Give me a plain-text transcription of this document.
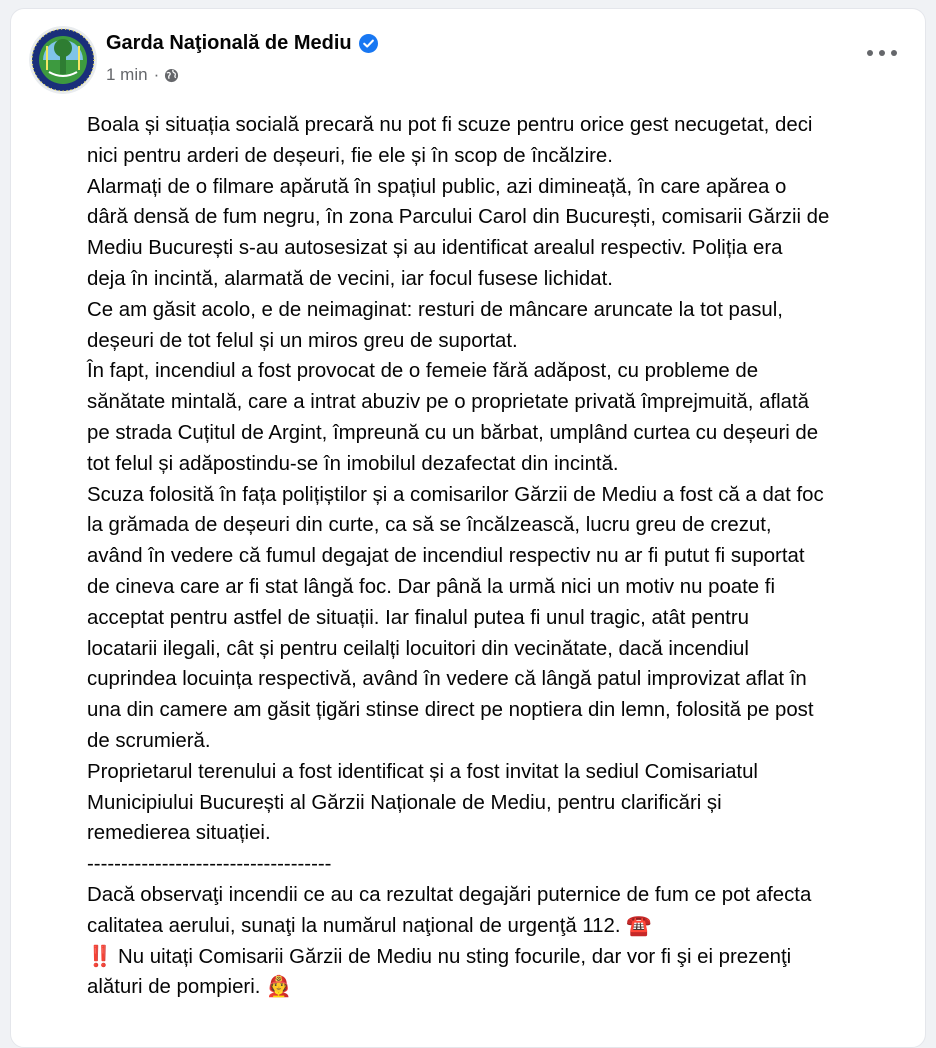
Garda Naţională de Mediu
1 min ·

Boala și situația socială precară nu pot fi scuze pentru orice gest necugetat, deci

nici pentru arderi de deșeuri, fie ele și în scop de încălzire.

Alarmați de o filmare apărută în spațiul public, azi dimineață, în care apărea o

dâră densă de fum negru, în zona Parcului Carol din București, comisarii Gărzii de

Mediu București s-au autosesizat și au identificat arealul respectiv. Poliția era

deja în incintă, alarmată de vecini, iar focul fusese lichidat.

Ce am găsit acolo, e de neimaginat: resturi de mâncare aruncate la tot pasul,

deșeuri de tot felul și un miros greu de suportat.

În fapt, incendiul a fost provocat de o femeie fără adăpost, cu probleme de

sănătate mintală, care a intrat abuziv pe o proprietate privată împrejmuită, aflată

pe strada Cuțitul de Argint, împreună cu un bărbat, umplând curtea cu deșeuri de

tot felul și adăpostindu-se în imobilul dezafectat din incintă.

Scuza folosită în fața polițiștilor și a comisarilor Gărzii de Mediu a fost că a dat foc

la grămada de deșeuri din curte, ca să se încălzească, lucru greu de crezut,

având în vedere că fumul degajat de incendiul respectiv nu ar fi putut fi suportat

de cineva care ar fi stat lângă foc. Dar până la urmă nici un motiv nu poate fi

acceptat pentru astfel de situații. Iar finalul putea fi unul tragic, atât pentru

locatarii ilegali, cât și pentru ceilalți locuitori din vecinătate, dacă incendiul

cuprindea locuința respectivă, având în vedere că lângă patul improvizat aflat în

una din camere am găsit țigări stinse direct pe noptiera din lemn, folosită pe post

de scrumieră.

Proprietarul terenului a fost identificat și a fost invitat la sediul Comisariatul

Municipiului București al Gărzii Naționale de Mediu, pentru clarificări și

remedierea situației.

------------------------------------

Dacă observaţi incendii ce au ca rezultat degajări puternice de fum ce pot afecta

calitatea aerului, sunaţi la numărul naţional de urgenţă 112. ☎️

‼️ Nu uitați Comisarii Gărzii de Mediu nu sting focurile, dar vor fi şi ei prezenţi

alături de pompieri. 🧑‍🚒
